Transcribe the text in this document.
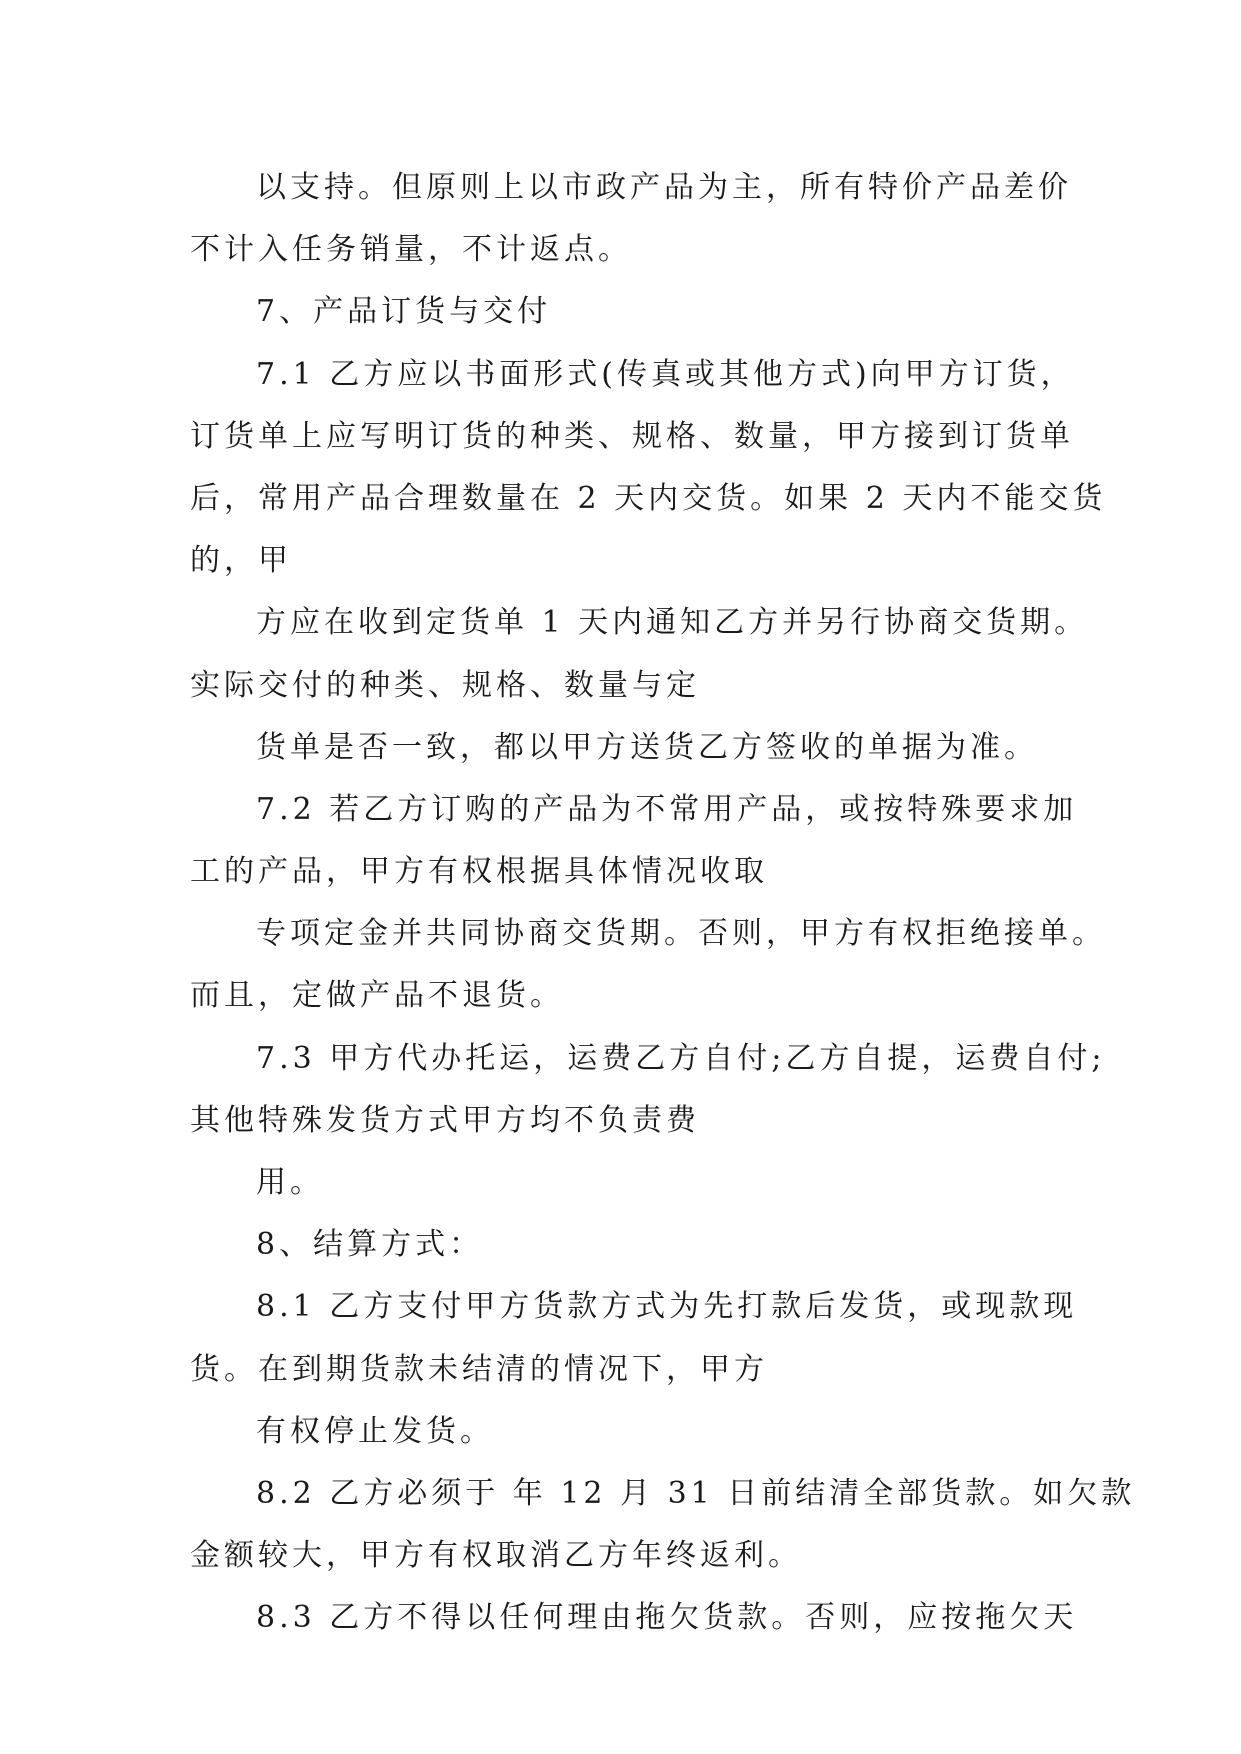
以支持。但原则上以市政产品为主，所有特价产品差价
不计入任务销量，不计返点。
7、产品订货与交付
7.1 乙方应以书面形式(传真或其他方式)向甲方订货，
订货单上应写明订货的种类、规格、数量，甲方接到订货单
后，常用产品合理数量在 2 天内交货。如果 2 天内不能交货
的，甲
方应在收到定货单 1 天内通知乙方并另行协商交货期。
实际交付的种类、规格、数量与定
货单是否一致，都以甲方送货乙方签收的单据为准。
7.2 若乙方订购的产品为不常用产品，或按特殊要求加
工的产品，甲方有权根据具体情况收取
专项定金并共同协商交货期。否则，甲方有权拒绝接单。
而且，定做产品不退货。
7.3 甲方代办托运，运费乙方自付;乙方自提，运费自付;
其他特殊发货方式甲方均不负责费
用。
8、结算方式：
8.1 乙方支付甲方货款方式为先打款后发货，或现款现
货。在到期货款未结清的情况下，甲方
有权停止发货。
8.2 乙方必须于 年 12 月 31 日前结清全部货款。如欠款
金额较大，甲方有权取消乙方年终返利。
8.3 乙方不得以任何理由拖欠货款。否则，应按拖欠天
